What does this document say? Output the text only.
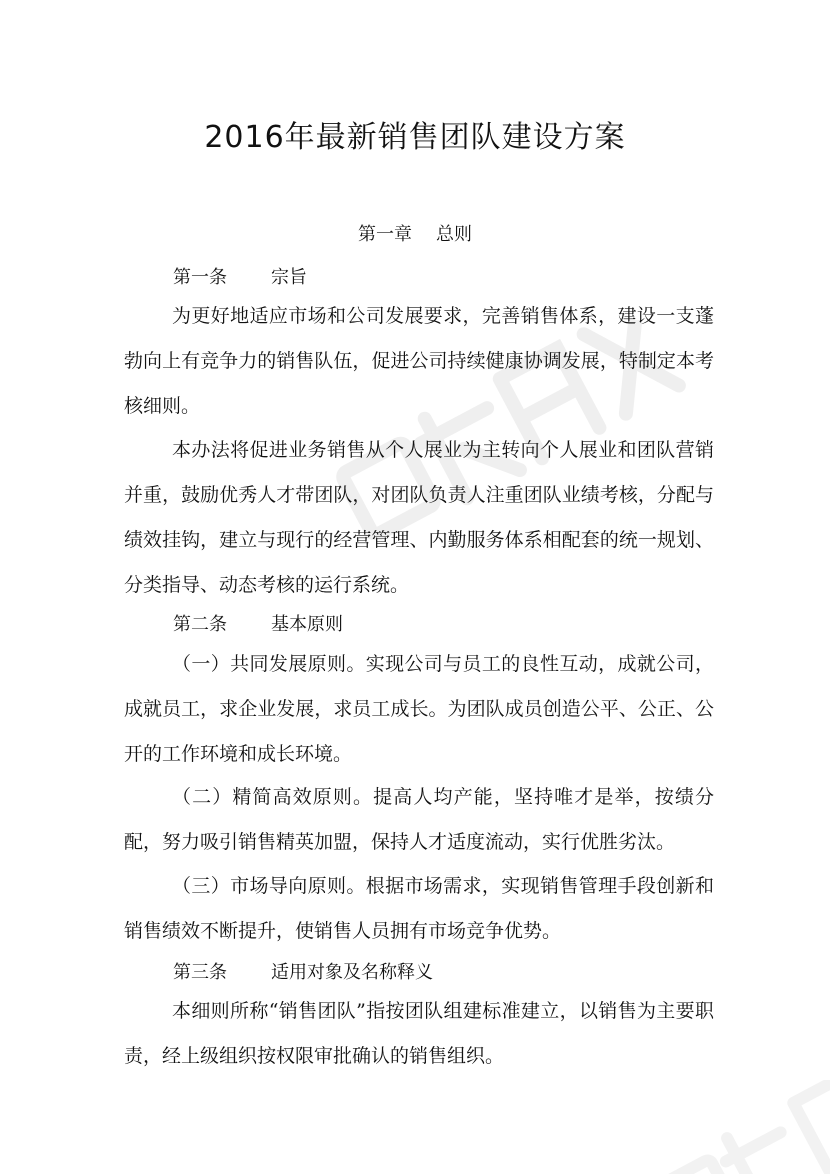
2016年最新销售团队建设方案
第一章 总则
第一条 宗旨

为更好地适应市场和公司发展要求，完善销售体系，建设一支蓬勃向上有竞争力的销售队伍，促进公司持续健康协调发展，特制定本考核细则。

本办法将促进业务销售从个人展业为主转向个人展业和团队营销并重，鼓励优秀人才带团队，对团队负责人注重团队业绩考核，分配与绩效挂钩，建立与现行的经营管理、内勤服务体系相配套的统一规划、分类指导、动态考核的运行系统。

第二条 基本原则

（一）共同发展原则。实现公司与员工的良性互动，成就公司，成就员工，求企业发展，求员工成长。为团队成员创造公平、公正、公开的工作环境和成长环境。

（二）精简高效原则。提高人均产能，坚持唯才是举，按绩分配，努力吸引销售精英加盟，保持人才适度流动，实行优胜劣汰。

（三）市场导向原则。根据市场需求，实现销售管理手段创新和销售绩效不断提升，使销售人员拥有市场竞争优势。

第三条 适用对象及名称释义

本细则所称“销售团队”指按团队组建标准建立，以销售为主要职责，经上级组织按权限审批确认的销售组织。
